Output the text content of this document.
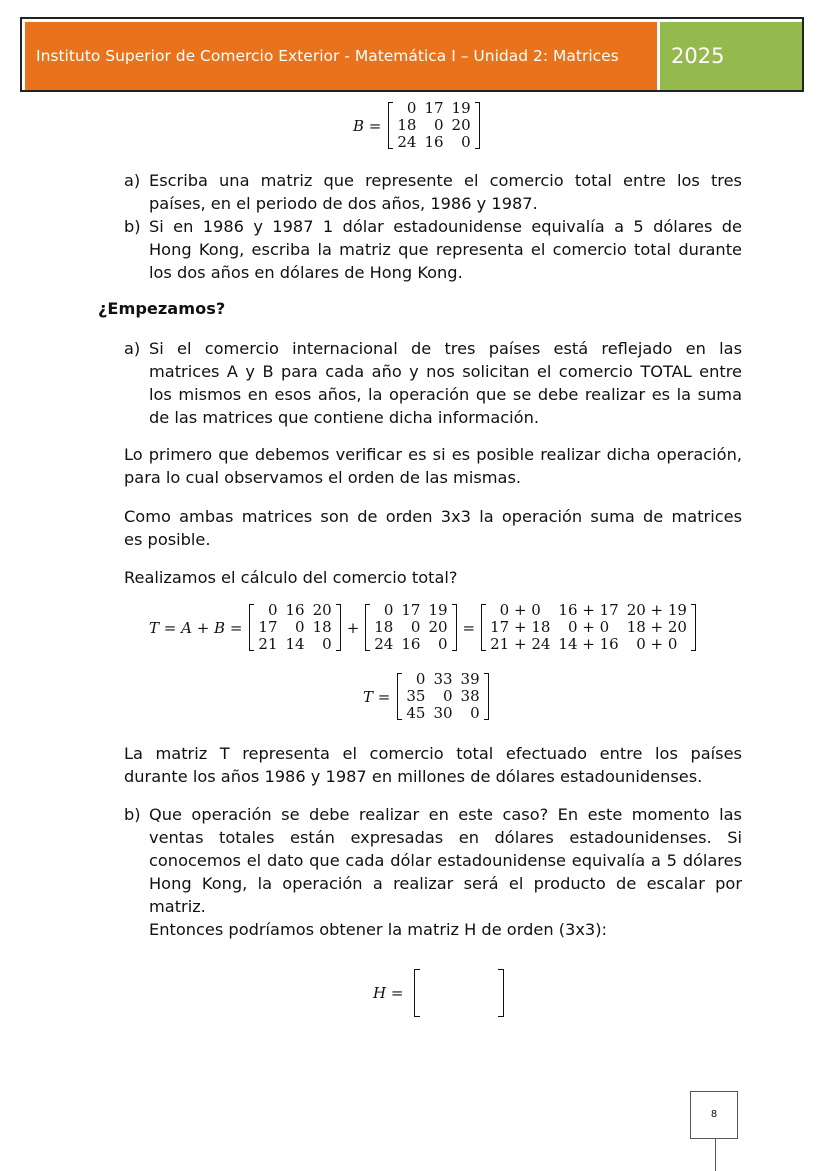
Instituto Superior de Comercio Exterior - Matemática I – Unidad 2: Matrices	2025
B =
0
18
24
17
0
16
19
20
0
a) Escriba una matriz que represente el comercio total entre los tres
países, en el periodo de dos años, 1986 y 1987.
b) Si en 1986 y 1987 1 dólar estadounidense equivalía a 5 dólares de
Hong Kong, escriba la matriz que representa el comercio total durante
los dos años en dólares de Hong Kong.
¿Empezamos?
a) Si el comercio internacional de tres países está reflejado en las
matrices A y B para cada año y nos solicitan el comercio TOTAL entre
los mismos en esos años, la operación que se debe realizar es la suma
de las matrices que contiene dicha información.
Lo primero que debemos verificar es si es posible realizar dicha operación,
para lo cual observamos el orden de las mismas.
Como ambas matrices son de orden 3x3 la operación suma de matrices
es posible.
Realizamos el cálculo del comercio total?
T = A + B =
0
17
21
16
0
14
20
18
0
+
0
18
24
17
0
16
19
20
0
=
0 + 0
17 + 18
21 + 24
16 + 17
0 + 0
14 + 16
20 + 19
18 + 20
0 + 0
T =
0
35
45
33
0
30
39
38
0
La matriz T representa el comercio total efectuado entre los países
durante los años 1986 y 1987 en millones de dólares estadounidenses.
b) Que operación se debe realizar en este caso? En este momento las
ventas totales están expresadas en dólares estadounidenses. Si
conocemos el dato que cada dólar estadounidense equivalía a 5 dólares
Hong Kong, la operación a realizar será el producto de escalar por
matriz.
Entonces podríamos obtener la matriz H de orden (3x3):
H =
8
